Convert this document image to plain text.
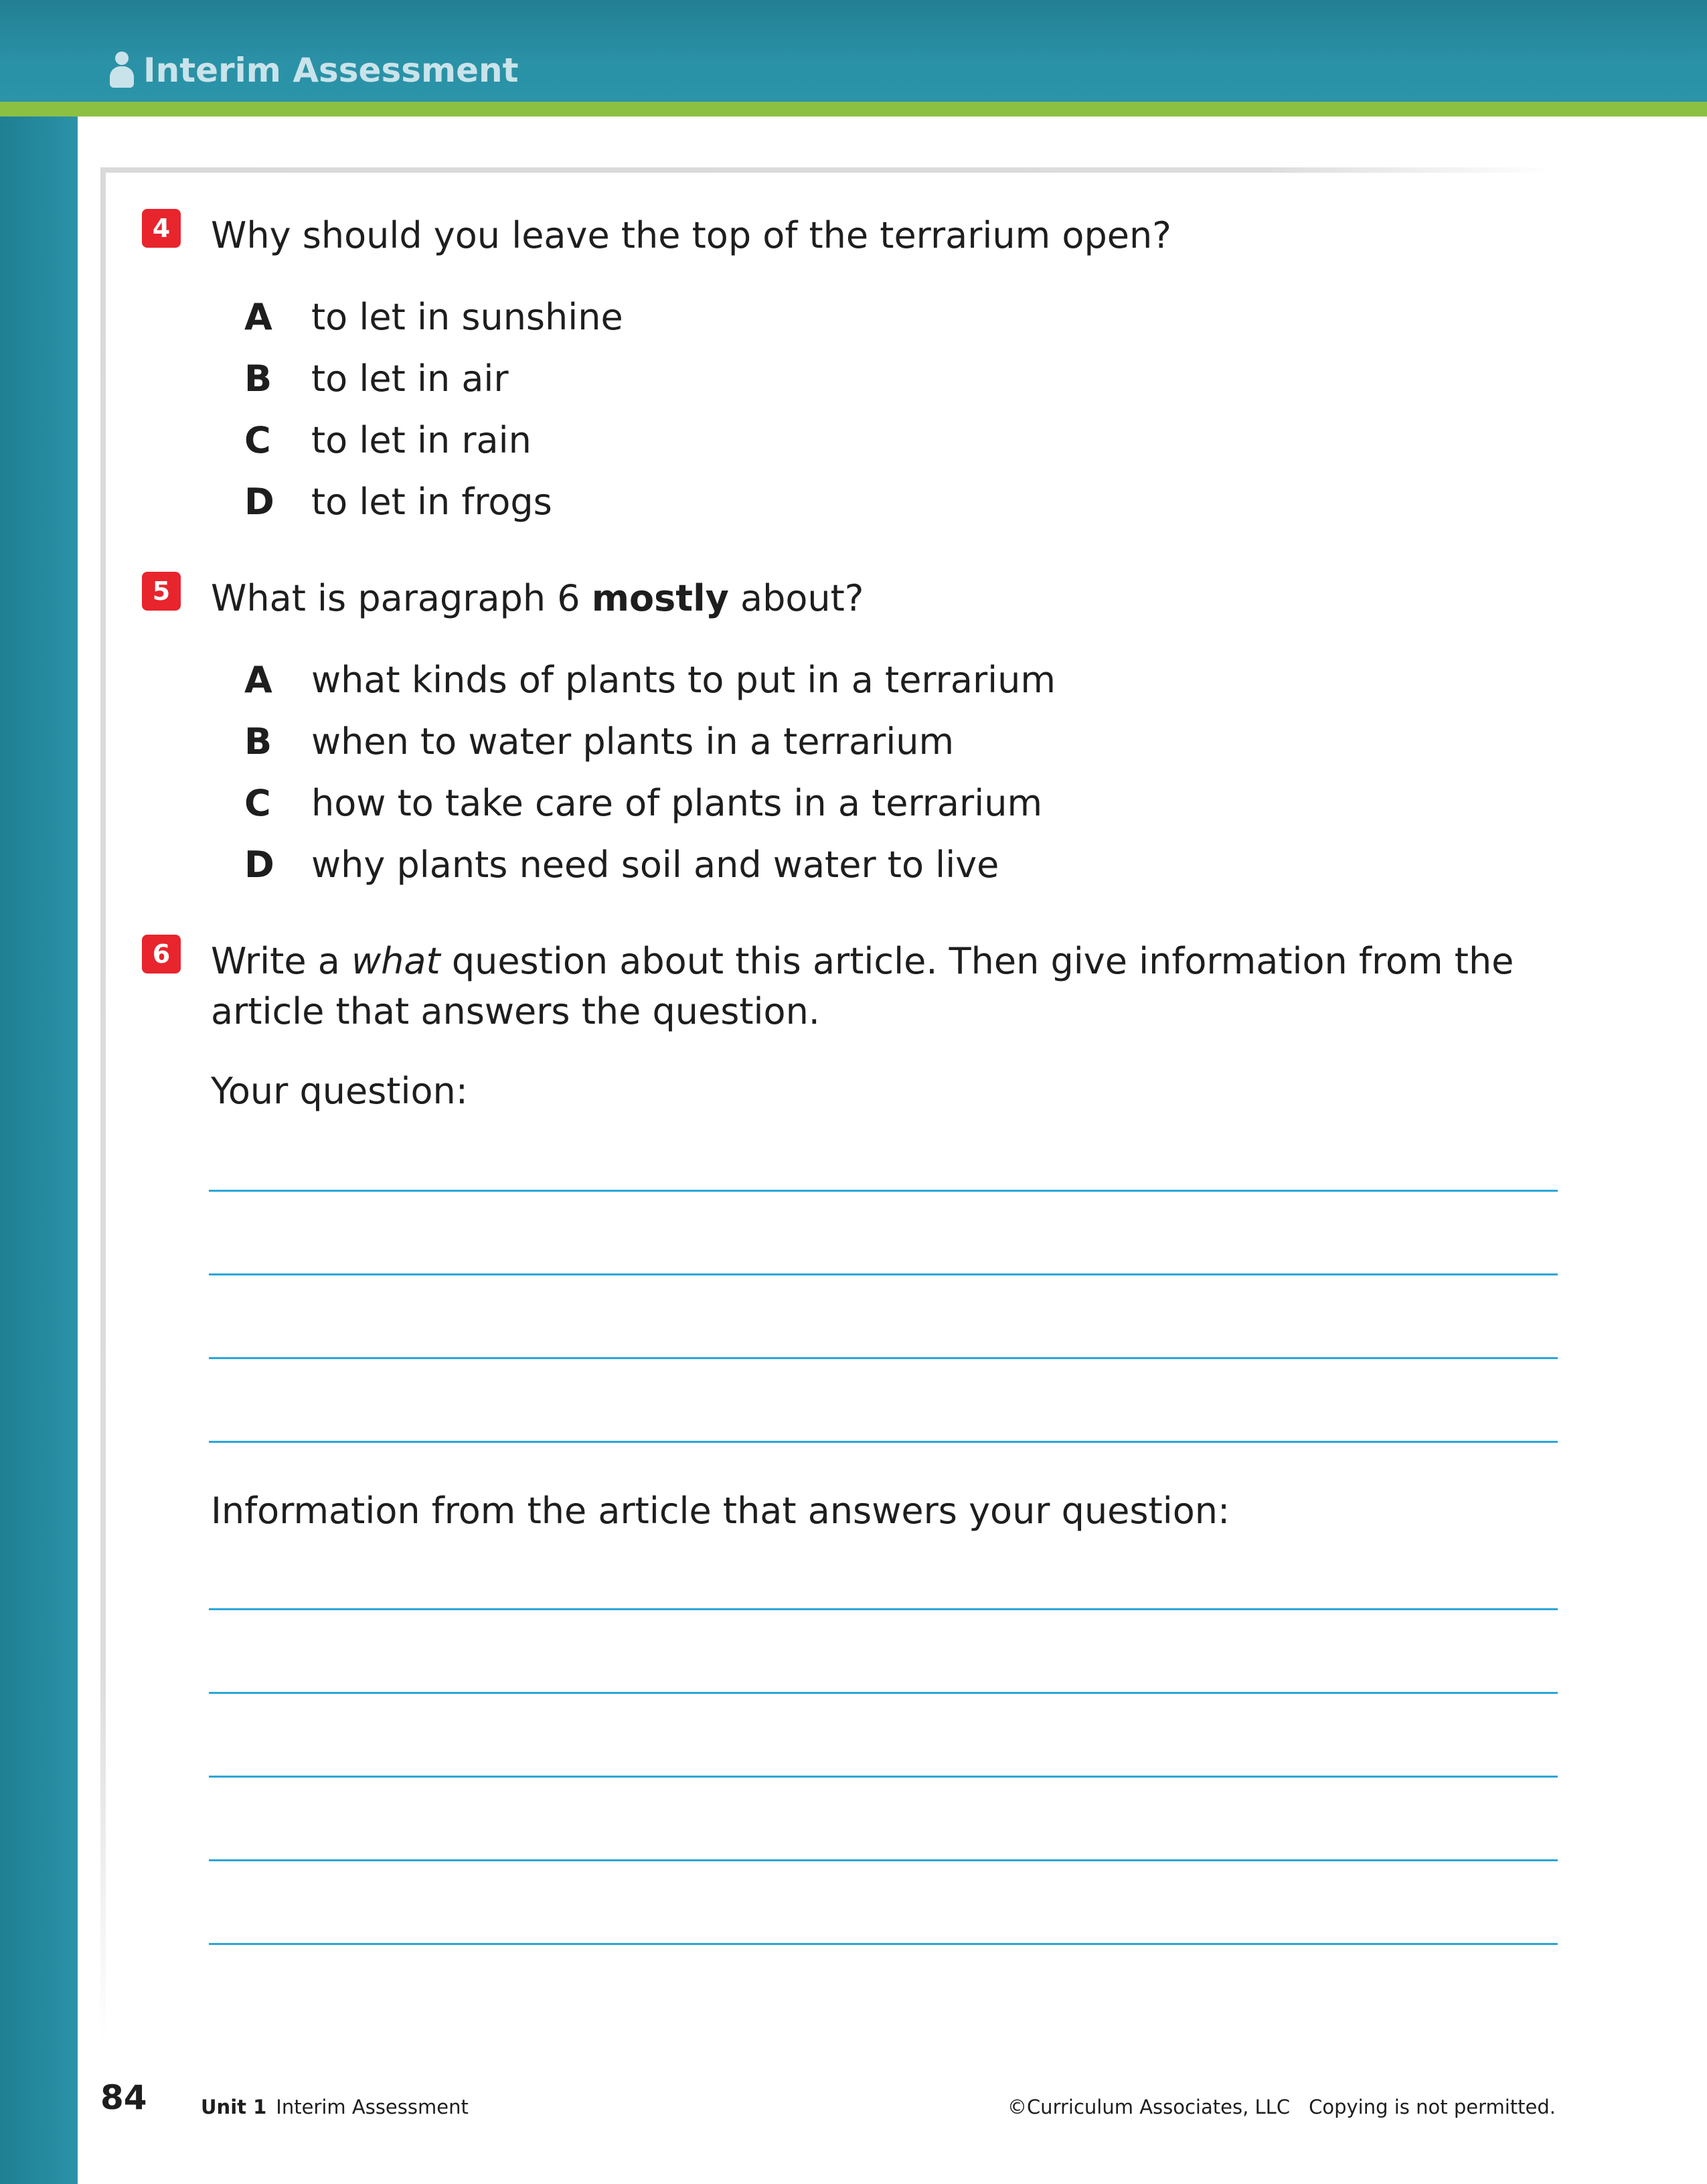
Interim Assessment
4 Why should you leave the top of the terrarium open?
A	to let in sunshine
B	to let in air
C	to let in rain
D	to let in frogs
5 What is paragraph 6 mostly about?
A	what kinds of plants to put in a terrarium
B	when to water plants in a terrarium
C	how to take care of plants in a terrarium
D	why plants need soil and water to live
6 Write a what question about this article. Then give information from the article that answers the question.
Your question:
Information from the article that answers your question:
84	Unit 1 Interim Assessment	©Curriculum Associates, LLC Copying is not permitted.
